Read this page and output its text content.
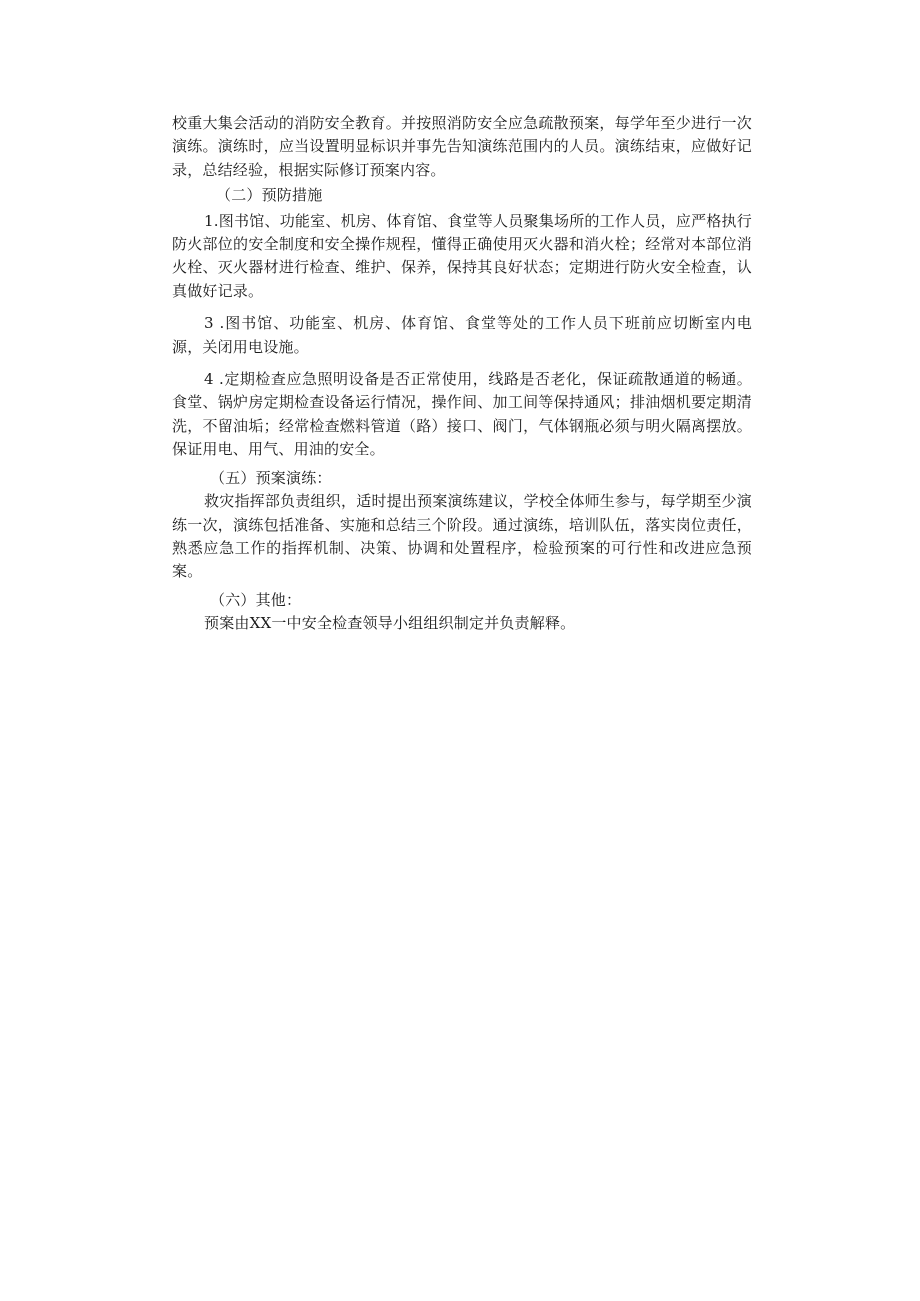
校重大集会活动的消防安全教育。并按照消防安全应急疏散预案，每学年至少进行一次演练。演练时，应当设置明显标识并事先告知演练范围内的人员。演练结束，应做好记录，总结经验，根据实际修订预案内容。

（二）预防措施

1.图书馆、功能室、机房、体育馆、食堂等人员聚集场所的工作人员，应严格执行防火部位的安全制度和安全操作规程，懂得正确使用灭火器和消火栓；经常对本部位消火栓、灭火器材进行检查、维护、保养，保持其良好状态；定期进行防火安全检查，认真做好记录。

3 .图书馆、功能室、机房、体育馆、食堂等处的工作人员下班前应切断室内电源，关闭用电设施。

4 .定期检查应急照明设备是否正常使用，线路是否老化，保证疏散通道的畅通。食堂、锅炉房定期检查设备运行情况，操作间、加工间等保持通风；排油烟机要定期清洗，不留油垢；经常检查燃料管道（路）接口、阀门，气体钢瓶必须与明火隔离摆放。保证用电、用气、用油的安全。

（五）预案演练：

救灾指挥部负责组织，适时提出预案演练建议，学校全体师生参与，每学期至少演练一次，演练包括准备、实施和总结三个阶段。通过演练，培训队伍，落实岗位责任，熟悉应急工作的指挥机制、决策、协调和处置程序，检验预案的可行性和改进应急预案。

（六）其他：

预案由XX一中安全检查领导小组组织制定并负责解释。
